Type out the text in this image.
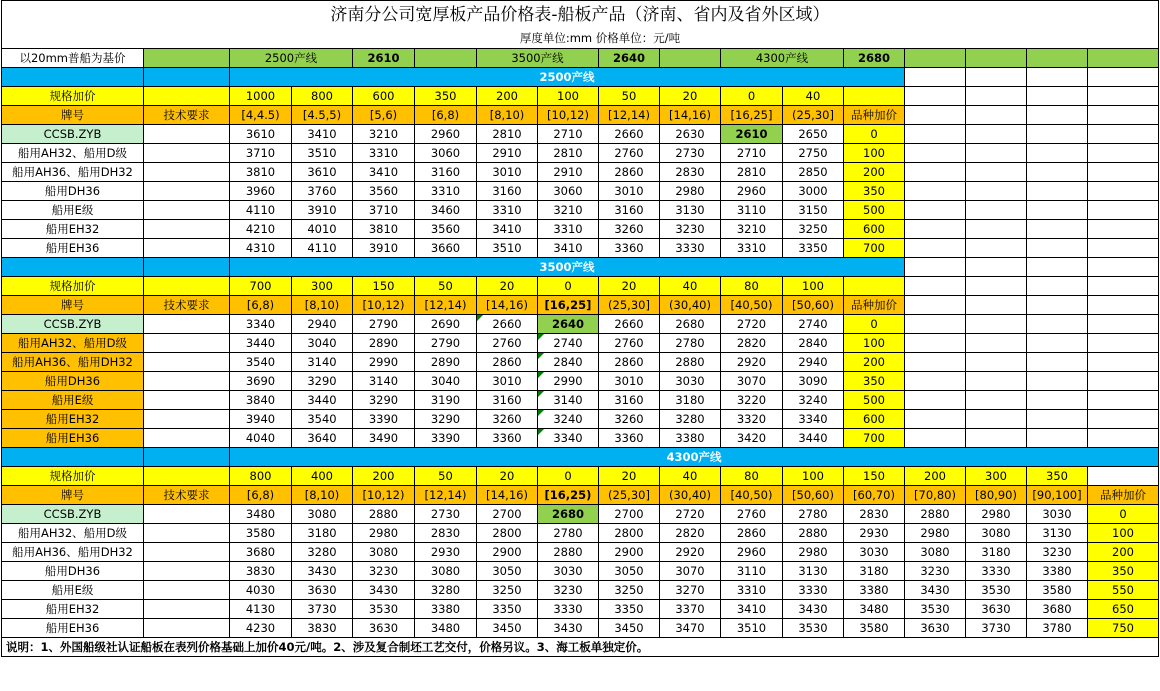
济南分公司宽厚板产品价格表-船板产品（济南、省内及省外区域）
厚度单位:mm 价格单位：元/吨
以20mm普船为基价		2500产线		2610		3500产线		2640		4300产线		2680					
		2500产线															
规格加价		1000	800	600	350	200	100	50	20	0	40						
牌号	技术要求	[4,4.5)	[4.5,5)	[5,6)	[6,8)	[8,10)	[10,12)	[12,14)	[14,16)	[16,25]	(25,30]	品种加价					
CCSB.ZYB		3610	3410	3210	2960	2810	2710	2660	2630	2610	2650	0					
船用AH32、船用D级		3710	3510	3310	3060	2910	2810	2760	2730	2710	2750	100					
船用AH36、船用DH32		3810	3610	3410	3160	3010	2910	2860	2830	2810	2850	200					
船用DH36		3960	3760	3560	3310	3160	3060	3010	2980	2960	3000	350					
船用E级		4110	3910	3710	3460	3310	3210	3160	3130	3110	3150	500					
船用EH32		4210	4010	3810	3560	3410	3310	3260	3230	3210	3250	600					
船用EH36		4310	4110	3910	3660	3510	3410	3360	3330	3310	3350	700					
		3500产线															
规格加价		700	300	150	50	20	0	20	40	80	100						
牌号	技术要求	[6,8)	[8,10)	[10,12)	[12,14)	[14,16)	[16,25]	(25,30]	(30,40)	[40,50)	[50,60)	品种加价					
CCSB.ZYB		3340	2940	2790	2690	2660	2640	2660	2680	2720	2740	0					
船用AH32、船用D级		3440	3040	2890	2790	2760	2740	2760	2780	2820	2840	100					
船用AH36、船用DH32		3540	3140	2990	2890	2860	2840	2860	2880	2920	2940	200					
船用DH36		3690	3290	3140	3040	3010	2990	3010	3030	3070	3090	350					
船用E级		3840	3440	3290	3190	3160	3140	3160	3180	3220	3240	500					
船用EH32		3940	3540	3390	3290	3260	3240	3260	3280	3320	3340	600					
船用EH36		4040	3640	3490	3390	3360	3340	3360	3380	3420	3440	700					
		4300产线															
规格加价		800	400	200	50	20	0	20	40	80	100	150	200	300	350		
牌号	技术要求	[6,8)	[8,10)	[10,12)	[12,14)	[14,16)	[16,25)	(25,30]	(30,40)	[40,50)	[50,60)	[60,70)	[70,80)	[80,90)	[90,100]	品种加价	
CCSB.ZYB		3480	3080	2880	2730	2700	2680	2700	2720	2760	2780	2830	2880	2980	3030	0	
船用AH32、船用D级		3580	3180	2980	2830	2800	2780	2800	2820	2860	2880	2930	2980	3080	3130	100	
船用AH36、船用DH32		3680	3280	3080	2930	2900	2880	2900	2920	2960	2980	3030	3080	3180	3230	200	
船用DH36		3830	3430	3230	3080	3050	3030	3050	3070	3110	3130	3180	3230	3330	3380	350	
船用E级		4030	3630	3430	3280	3250	3230	3250	3270	3310	3330	3380	3430	3530	3580	550	
船用EH32		4130	3730	3530	3380	3350	3330	3350	3370	3410	3430	3480	3530	3630	3680	650	
船用EH36		4230	3830	3630	3480	3450	3430	3450	3470	3510	3530	3580	3630	3730	3780	750	
说明：1、外国船级社认证船板在表列价格基础上加价40元/吨。2、涉及复合制坯工艺交付，价格另议。3、海工板单独定价。																	
